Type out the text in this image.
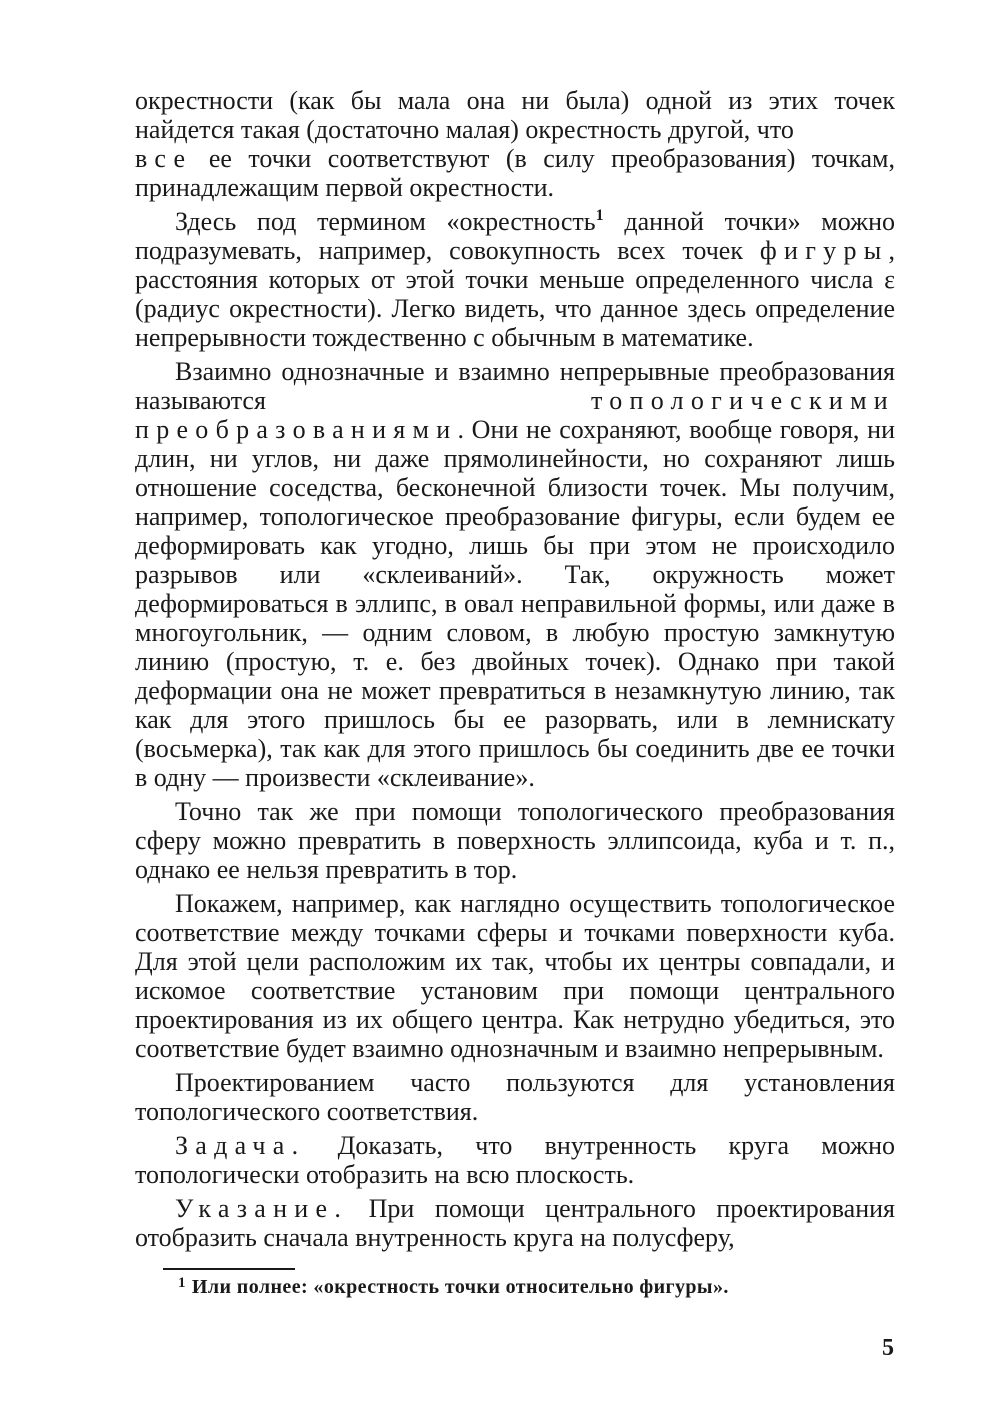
окрестности (как бы мала она ни была) одной из этих точек найдется такая (достаточно малая) окрестность другой, что
все ее точки соответствуют (в силу преобразования) точкам, принадлежащим первой окрестности.

Здесь под термином «окрестность$^1$ данной точки» можно подразумевать, например, совокупность всех точек фигуры, расстояния которых от этой точки меньше определенного числа ε (радиус окрестности). Легко видеть, что данное здесь определение непрерывности тождественно с обычным в математике.

Взаимно однозначные и взаимно непрерывные преобразования называются	топологическими преобразованиями. Они не сохраняют, вообще говоря, ни длин, ни углов, ни даже прямолинейности, но сохраняют лишь отношение соседства, бесконечной близости точек. Мы получим, например, топологическое преобразование фигуры, если будем ее деформировать как угодно, лишь бы при этом не происходило разрывов или «склеиваний». Так, окружность может деформироваться в эллипс, в овал неправильной формы, или даже в многоугольник, — одним словом, в любую простую замкнутую линию (простую, т. е. без двойных точек). Однако при такой деформации она не может превратиться в незамкнутую линию, так как для этого пришлось бы ее разорвать, или в лемнискату (восьмерка), так как для этого пришлось бы соединить две ее точки в одну — произвести «склеивание».

Точно так же при помощи топологического преобразования сферу можно превратить в поверхность эллипсоида, куба и т. п., однако ее нельзя превратить в тор.

Покажем, например, как наглядно осуществить топологическое соответствие между точками сферы и точками поверхности куба. Для этой цели расположим их так, чтобы их центры совпадали, и искомое соответствие установим при помощи центрального проектирования из их общего центра. Как нетрудно убедиться, это соответствие будет взаимно однозначным и взаимно непрерывным.

Проектированием часто пользуются для установления топологического соответствия.

Задача. Доказать, что внутренность круга можно топологически отобразить на всю плоскость.

Указание. При помощи центрального проектирования отобразить сначала внутренность круга на полусферу,

$^1$ Или полнее: «окрестность точки относительно фигуры».
5
